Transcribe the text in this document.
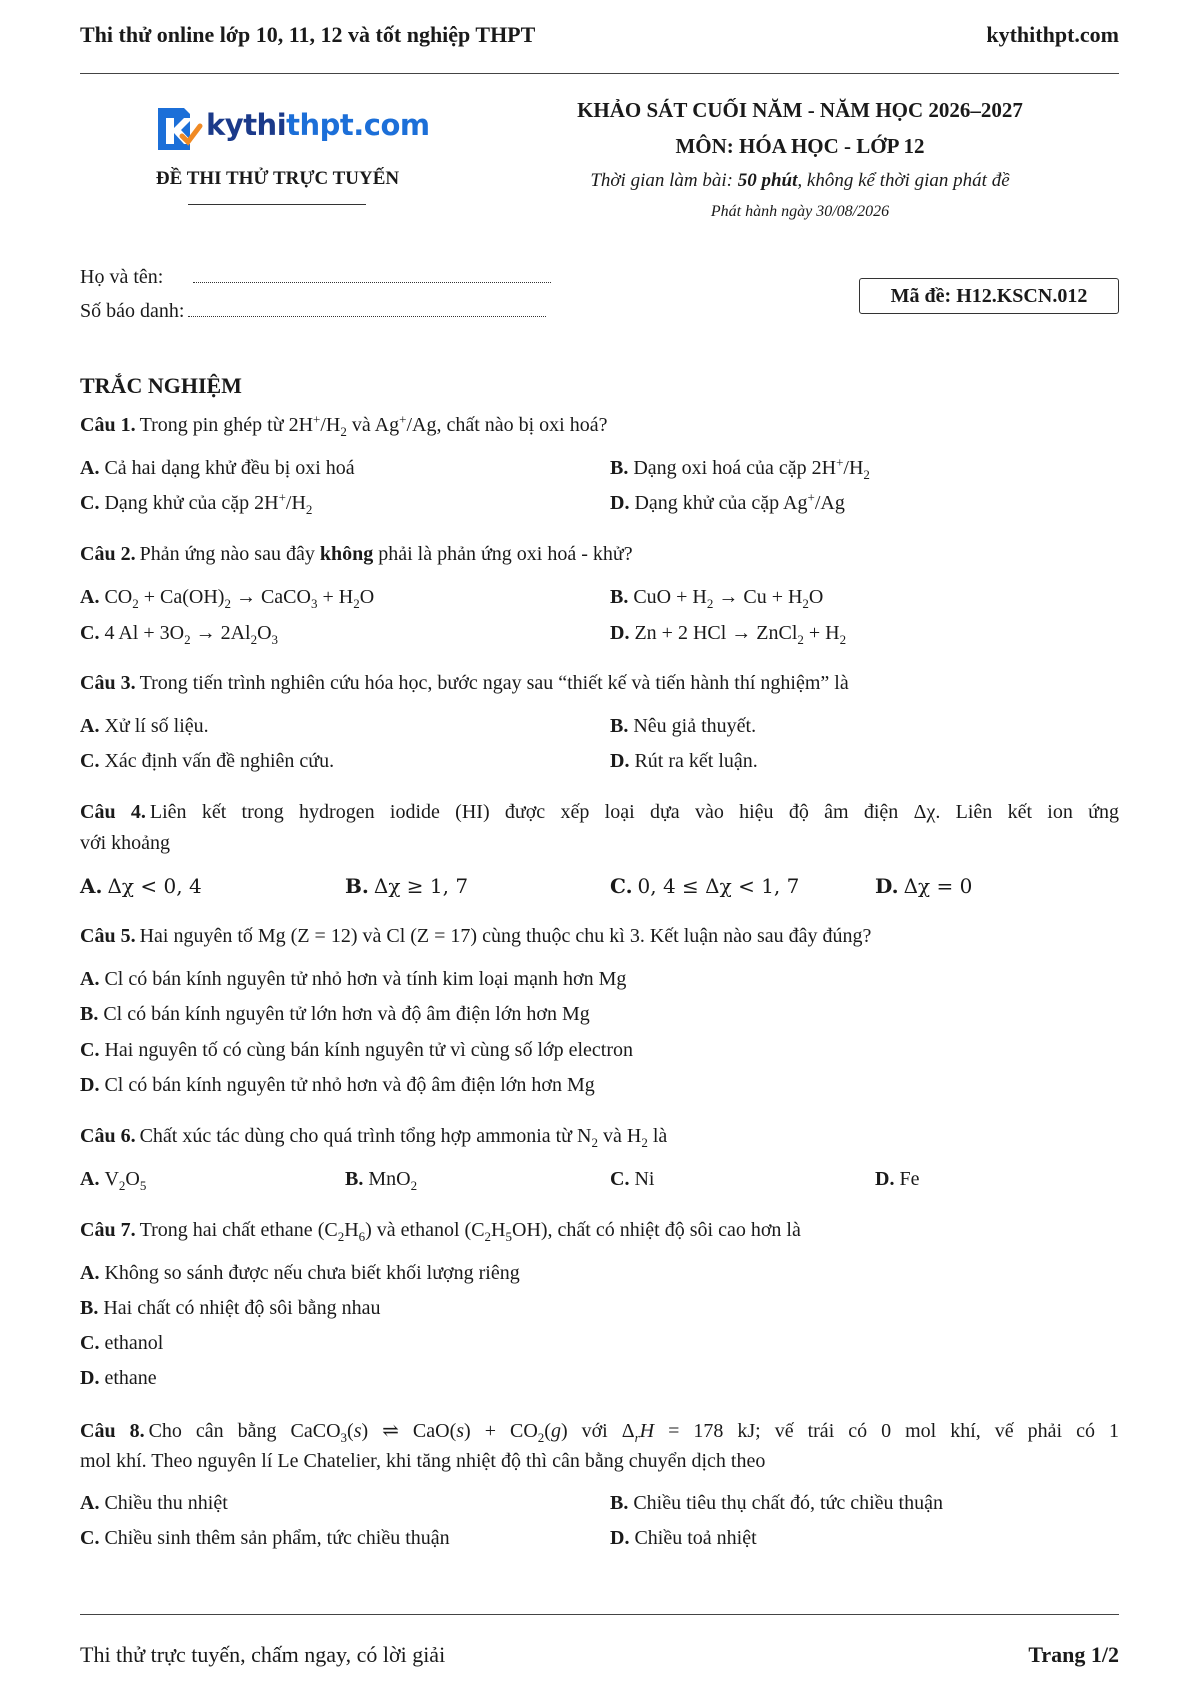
Thi thử online lớp 10, 11, 12 và tốt nghiệp THPT	kythithpt.com
kythithpt.com
ĐỀ THI THỬ TRỰC TUYẾN
KHẢO SÁT CUỐI NĂM - NĂM HỌC 2026–2027
MÔN: HÓA HỌC - LỚP 12
Thời gian làm bài: 50 phút, không kể thời gian phát đề
Phát hành ngày 30/08/2026
Họ và tên:
Số báo danh:
Mã đề: H12.KSCN.012
TRẮC NGHIỆM
Câu 1. Trong pin ghép từ $2H^+/H_2$ và Ag+/Ag, chất nào bị oxi hoá?
A. Cả hai dạng khử đều bị oxi hoá	B. Dạng oxi hoá của cặp $2H^+/H_2$
C. Dạng khử của cặp $2H^+/H_2$	D. Dạng khử của cặp Ag+/Ag
Câu 2. Phản ứng nào sau đây không phải là phản ứng oxi hoá - khử?
A. $CO_2 + Ca(OH)_2$ → CaCO$_3$ + $H_2O$	B. CuO + $H_2 \to Cu + H_2O$
C. 4 $Al + 3O_2 \to 2Al_2O_3$	D. Zn + 2 HCl → ZnCl$_2$ + $H_2$
Câu 3. Trong tiến trình nghiên cứu hóa học, bước ngay sau “thiết kế và tiến hành thí nghiệm” là
A. Xử lí số liệu.	B. Nêu giả thuyết.
C. Xác định vấn đề nghiên cứu.	D. Rút ra kết luận.
Câu 4. Liên kết trong hydrogen iodide (HI) được xếp loại dựa vào hiệu độ âm điện Δχ. Liên kết ion ứng
với khoảng
A. Δχ < 0, 4	B. Δχ ≥ 1, 7	C. 0, 4 ≤ Δχ < 1, 7	D. Δχ = 0
Câu 5. Hai nguyên tố Mg (Z = 12) và Cl (Z = 17) cùng thuộc chu kì 3. Kết luận nào sau đây đúng?
A. Cl có bán kính nguyên tử nhỏ hơn và tính kim loại mạnh hơn Mg
B. Cl có bán kính nguyên tử lớn hơn và độ âm điện lớn hơn Mg
C. Hai nguyên tố có cùng bán kính nguyên tử vì cùng số lớp electron
D. Cl có bán kính nguyên tử nhỏ hơn và độ âm điện lớn hơn Mg
Câu 6. Chất xúc tác dùng cho quá trình tổng hợp ammonia từ $N_2$ và $H_2$ là
A. $V_2O_5$	B. MnO$_2$	C. Ni	D. Fe
Câu 7. Trong hai chất ethane $(C_2H_6)$ và ethanol $(C_2H_5OH)$, chất có nhiệt độ sôi cao hơn là
A. Không so sánh được nếu chưa biết khối lượng riêng
B. Hai chất có nhiệt độ sôi bằng nhau
C. ethanol
D. ethane
Câu 8. Cho cân bằng CaCO$_3$(s) ⇌ $CaO(s) + CO_2(g)$ với $\Delta_rH = 178$ kJ; vế trái có 0 mol khí, vế phải có 1
mol khí. Theo nguyên lí Le Chatelier, khi tăng nhiệt độ thì cân bằng chuyển dịch theo
A. Chiều thu nhiệt	B. Chiều tiêu thụ chất đó, tức chiều thuận
C. Chiều sinh thêm sản phẩm, tức chiều thuận	D. Chiều toả nhiệt
Thi thử trực tuyến, chấm ngay, có lời giải	Trang 1/2
